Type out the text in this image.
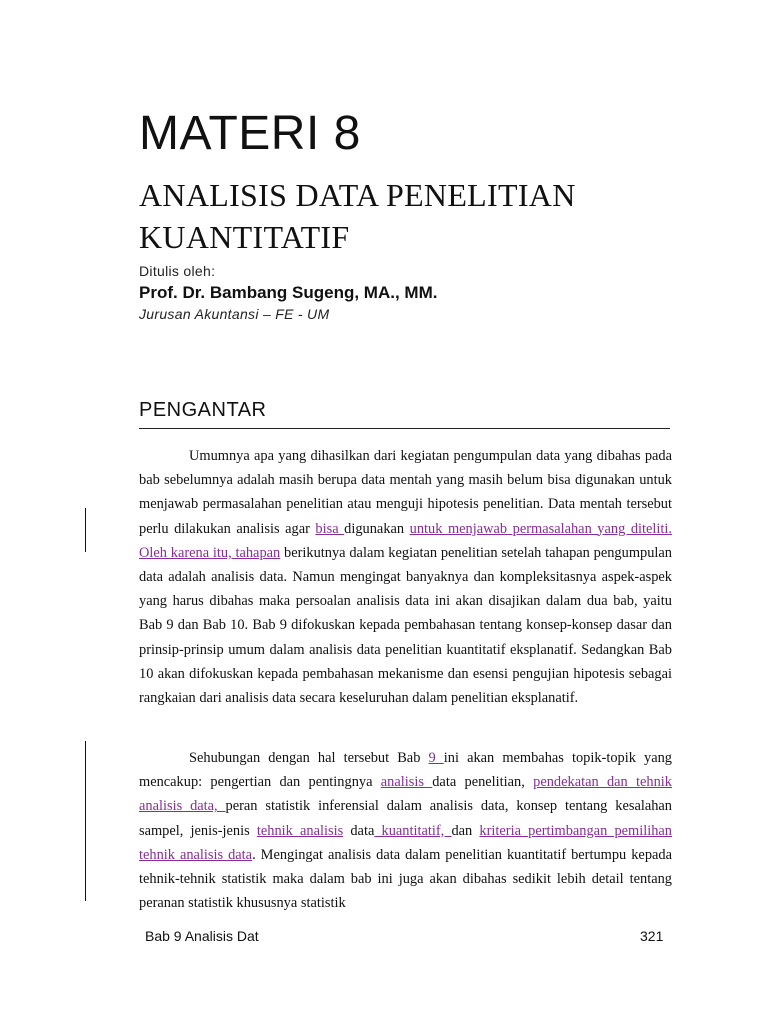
MATERI 8
ANALISIS DATA PENELITIAN
KUANTITATIF
Ditulis oleh:
Prof. Dr. Bambang Sugeng, MA., MM.
Jurusan Akuntansi – FE - UM
PENGANTAR

Umumnya apa yang dihasilkan dari kegiatan pengumpulan data yang dibahas pada bab sebelumnya adalah masih berupa data mentah yang masih belum bisa digunakan untuk menjawab permasalahan penelitian atau menguji hipotesis penelitian. Data mentah tersebut perlu dilakukan analisis agar bisa digunakan untuk menjawab permasalahan yang diteliti. Oleh karena itu, tahapan berikutnya dalam kegiatan penelitian setelah tahapan pengumpulan data adalah analisis data. Namun mengingat banyaknya dan kompleksitasnya aspek-aspek yang harus dibahas maka persoalan analisis data ini akan disajikan dalam dua bab, yaitu Bab 9 dan Bab 10. Bab 9 difokuskan kepada pembahasan tentang konsep-konsep dasar dan prinsip-prinsip umum dalam analisis data penelitian kuantitatif eksplanatif. Sedangkan Bab 10 akan difokuskan kepada pembahasan mekanisme dan esensi pengujian hipotesis sebagai rangkaian dari analisis data secara keseluruhan dalam penelitian eksplanatif.

Sehubungan dengan hal tersebut Bab 9 ini akan membahas topik-topik yang mencakup: pengertian dan pentingnya analisis data penelitian, pendekatan dan tehnik analisis data, peran statistik inferensial dalam analisis data, konsep tentang kesalahan sampel, jenis-jenis tehnik analisis data kuantitatif, dan kriteria pertimbangan pemilihan tehnik analisis data. Mengingat analisis data dalam penelitian kuantitatif bertumpu kepada tehnik-tehnik statistik maka dalam bab ini juga akan dibahas sedikit lebih detail tentang peranan statistik khususnya statistik

Bab 9 Analisis Dat	321
